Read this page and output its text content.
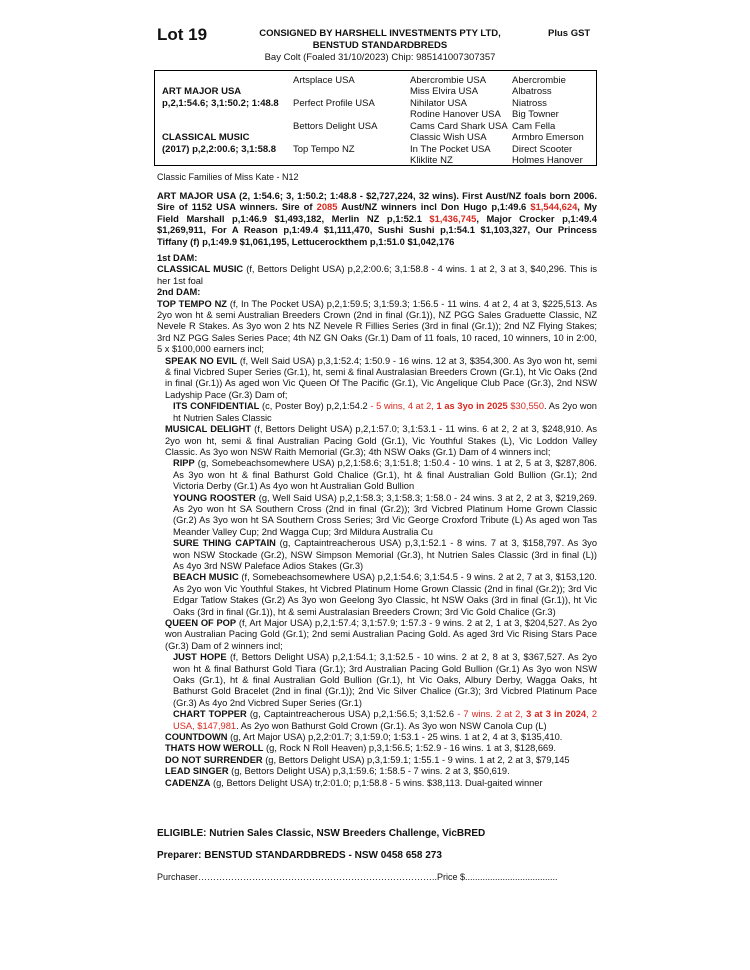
Lot 19	CONSIGNED BY HARSHELL INVESTMENTS PTY LTD,
BENSTUD STANDARDBREDS
Plus GST
Bay Colt (Foaled 31/10/2023) Chip: 985141007307357
Artsplace USA
Perfect Profile USA
Bettors Delight USA
Top Tempo NZ
ART MAJOR USA
p,2,1:54.6; 3,1:50.2; 1:48.8
CLASSICAL MUSIC
(2017) p,2,2:00.6; 3,1:58.8
Abercrombie USA
Miss Elvira USA
Nihilator USA
Rodine Hanover USA
Cams Card Shark USA
Classic Wish USA
In The Pocket USA
Kliklite NZ
Abercrombie
Albatross
Niatross
Big Towner
Cam Fella
Armbro Emerson
Direct Scooter
Holmes Hanover
Classic Families of Miss Kate - N12

ART MAJOR USA (2, 1:54.6; 3, 1:50.2; 1:48.8 - $2,727,224, 32 wins). First Aust/NZ foals born 2006. Sire of 1152 USA winners. Sire of 2085 Aust/NZ winners incl Don Hugo p,1:49.6 $1,544,624, My Field Marshall p,1:46.9 $1,493,182, Merlin NZ p,1:52.1 $1,436,745, Major Crocker p,1:49.4 $1,269,911, For A Reason p,1:49.4 $1,111,470, Sushi Sushi p,1:54.1 $1,103,327, Our Princess Tiffany (f) p,1:49.9 $1,061,195, Lettucerockthem p,1:51.0 $1,042,176

1st DAM:

CLASSICAL MUSIC (f, Bettors Delight USA) p,2,2:00.6; 3,1:58.8 - 4 wins. 1 at 2, 3 at 3, $40,296. This is her 1st foal

2nd DAM:

TOP TEMPO NZ (f, In The Pocket USA) p,2,1:59.5; 3,1:59.3; 1:56.5 - 11 wins. 4 at 2, 4 at 3, $225,513. As 2yo won ht & semi Australian Breeders Crown (2nd in final (Gr.1)), NZ PGG Sales Graduette Classic, NZ Nevele R Stakes. As 3yo won 2 hts NZ Nevele R Fillies Series (3rd in final (Gr.1)); 2nd NZ Flying Stakes; 3rd NZ PGG Sales Series Pace; 4th NZ GN Oaks (Gr.1) Dam of 11 foals, 10 raced, 10 winners, 10 in 2:00, 5 x $100,000 earners incl;

SPEAK NO EVIL (f, Well Said USA) p,3,1:52.4; 1:50.9 - 16 wins. 12 at 3, $354,300. As 3yo won ht, semi & final Vicbred Super Series (Gr.1), ht, semi & final Australasian Breeders Crown (Gr.1), ht Vic Oaks (2nd in final (Gr.1)) As aged won Vic Queen Of The Pacific (Gr.1), Vic Angelique Club Pace (Gr.3), 2nd NSW Ladyship Pace (Gr.3) Dam of;

ITS CONFIDENTIAL (c, Poster Boy) p,2,1:54.2 - 5 wins, 4 at 2, 1 as 3yo in 2025 $30,550. As 2yo won ht Nutrien Sales Classic

MUSICAL DELIGHT (f, Bettors Delight USA) p,2,1:57.0; 3,1:53.1 - 11 wins. 6 at 2, 2 at 3, $248,910. As 2yo won ht, semi & final Australian Pacing Gold (Gr.1), Vic Youthful Stakes (L), Vic Loddon Valley Classic. As 3yo won NSW Raith Memorial (Gr.3); 4th NSW Oaks (Gr.1) Dam of 4 winners incl;

RIPP (g, Somebeachsomewhere USA) p,2,1:58.6; 3,1:51.8; 1:50.4 - 10 wins. 1 at 2, 5 at 3, $287,806. As 3yo won ht & final Bathurst Gold Chalice (Gr.1), ht & final Australian Gold Bullion (Gr.1); 2nd Victoria Derby (Gr.1) As 4yo won ht Australian Gold Bullion

YOUNG ROOSTER (g, Well Said USA) p,2,1:58.3; 3,1:58.3; 1:58.0 - 24 wins. 3 at 2, 2 at 3, $219,269. As 2yo won ht SA Southern Cross (2nd in final (Gr.2)); 3rd Vicbred Platinum Home Grown Classic (Gr.2) As 3yo won ht SA Southern Cross Series; 3rd Vic George Croxford Tribute (L) As aged won Tas Meander Valley Cup; 2nd Wagga Cup; 3rd Mildura Australia Cu

SURE THING CAPTAIN (g, Captaintreacherous USA) p,3,1:52.1 - 8 wins. 7 at 3, $158,797. As 3yo won NSW Stockade (Gr.2), NSW Simpson Memorial (Gr.3), ht Nutrien Sales Classic (3rd in final (L)) As 4yo 3rd NSW Paleface Adios Stakes (Gr.3)

BEACH MUSIC (f, Somebeachsomewhere USA) p,2,1:54.6; 3,1:54.5 - 9 wins. 2 at 2, 7 at 3, $153,120. As 2yo won Vic Youthful Stakes, ht Vicbred Platinum Home Grown Classic (2nd in final (Gr.2)); 3rd Vic Edgar Tatlow Stakes (Gr.2) As 3yo won Geelong 3yo Classic, ht NSW Oaks (3rd in final (Gr.1)), ht Vic Oaks (3rd in final (Gr.1)), ht & semi Australasian Breeders Crown; 3rd Vic Gold Chalice (Gr.3)

QUEEN OF POP (f, Art Major USA) p,2,1:57.4; 3,1:57.9; 1:57.3 - 9 wins. 2 at 2, 1 at 3, $204,527. As 2yo won Australian Pacing Gold (Gr.1); 2nd semi Australian Pacing Gold. As aged 3rd Vic Rising Stars Pace (Gr.3) Dam of 2 winners incl;

JUST HOPE (f, Bettors Delight USA) p,2,1:54.1; 3,1:52.5 - 10 wins. 2 at 2, 8 at 3, $367,527. As 2yo won ht & final Bathurst Gold Tiara (Gr.1); 3rd Australian Pacing Gold Bullion (Gr.1) As 3yo won NSW Oaks (Gr.1), ht & final Australian Gold Bullion (Gr.1), ht Vic Oaks, Albury Derby, Wagga Oaks, ht Bathurst Gold Bracelet (2nd in final (Gr.1)); 2nd Vic Silver Chalice (Gr.3); 3rd Vicbred Platinum Pace (Gr.3) As 4yo 2nd Vicbred Super Series (Gr.1)

CHART TOPPER (g, Captaintreacherous USA) p,2,1:56.5; 3,1:52.6 - 7 wins. 2 at 2, 3 at 3 in 2024, 2 USA, $147,981. As 2yo won Bathurst Gold Crown (Gr.1). As 3yo won NSW Canola Cup (L)

COUNTDOWN (g, Art Major USA) p,2,2:01.7; 3,1:59.0; 1:53.1 - 25 wins. 1 at 2, 4 at 3, $135,410.

THATS HOW WEROLL (g, Rock N Roll Heaven) p,3,1:56.5; 1:52.9 - 16 wins. 1 at 3, $128,669.

DO NOT SURRENDER (g, Bettors Delight USA) p,3,1:59.1; 1:55.1 - 9 wins. 1 at 2, 2 at 3, $79,145

LEAD SINGER (g, Bettors Delight USA) p,3,1:59.6; 1:58.5 - 7 wins. 2 at 3, $50,619.

CADENZA (g, Bettors Delight USA) tr,2:01.0; p,1:58.8 - 5 wins. $38,113. Dual-gaited winner

ELIGIBLE: Nutrien Sales Classic, NSW Breeders Challenge, VicBRED
Preparer: BENSTUD STANDARDBREDS - NSW 0458 658 273
Purchaser……………………………………………………………………..Price $.....................................
